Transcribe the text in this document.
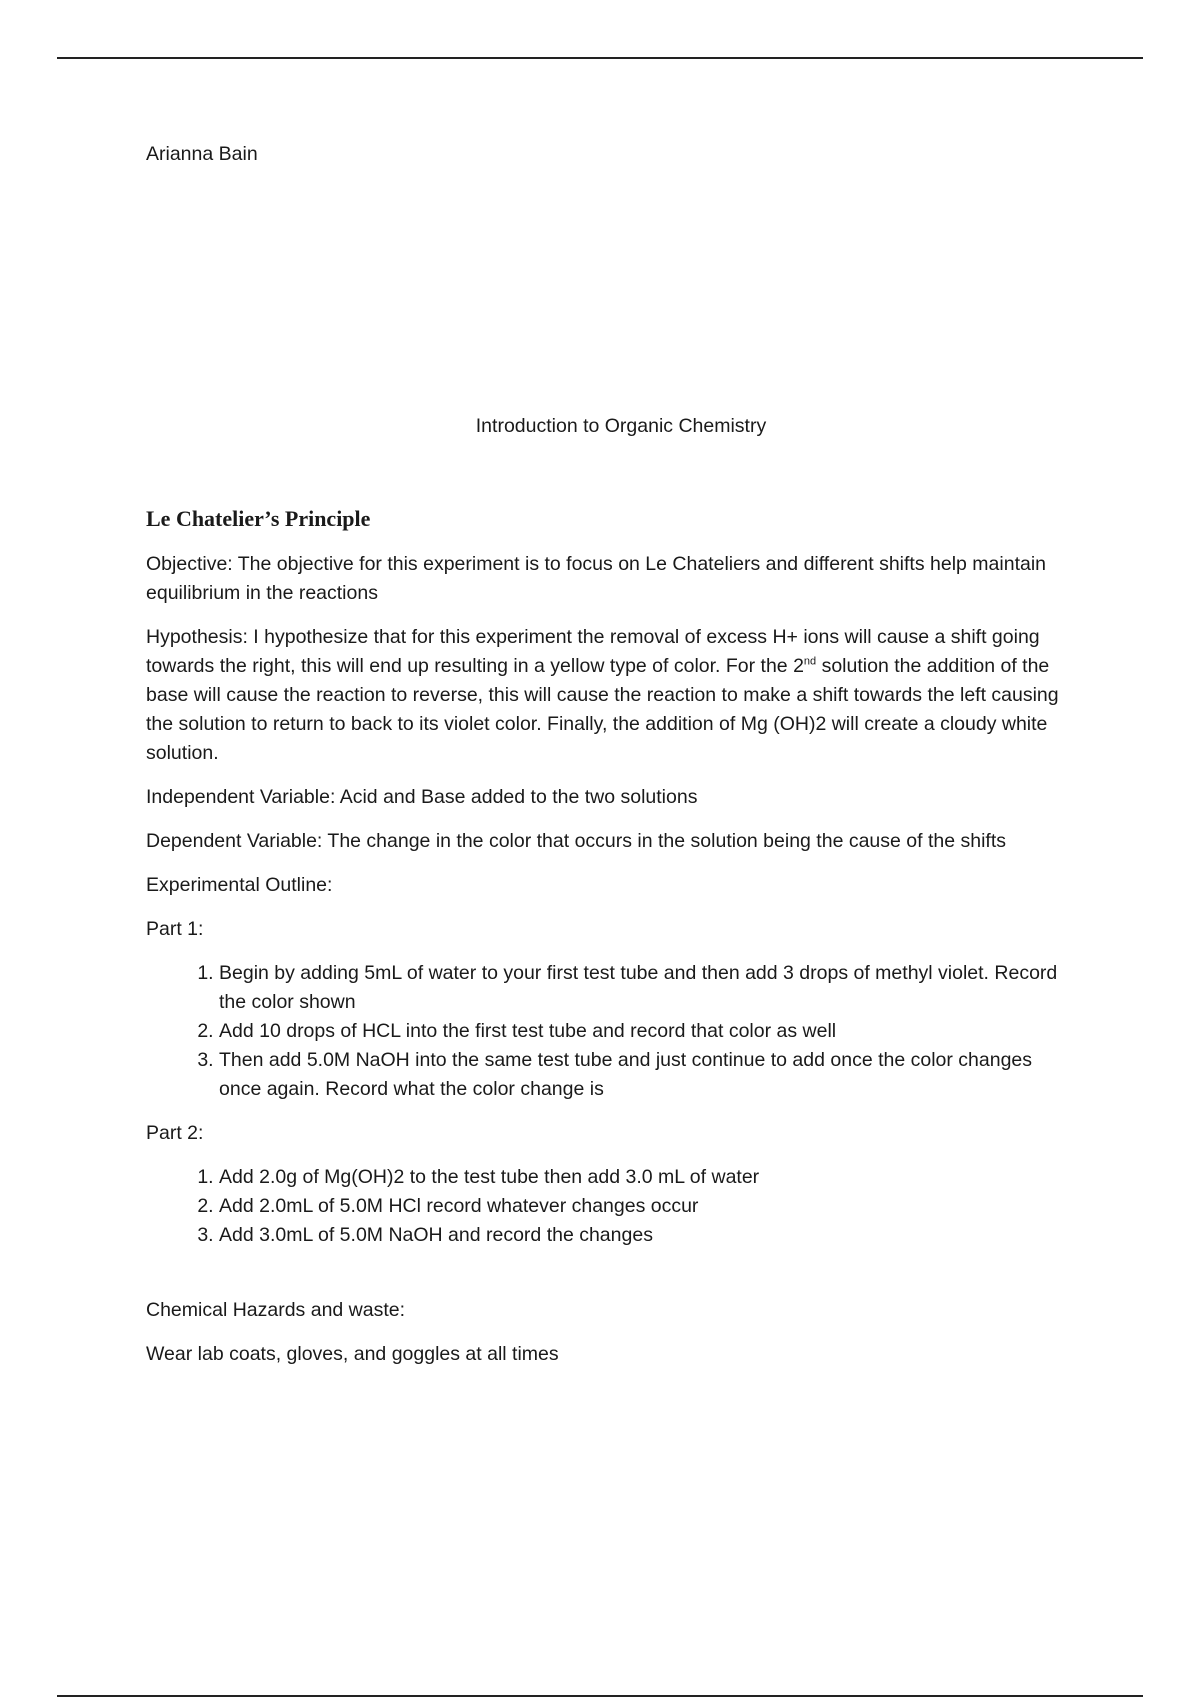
Arianna Bain

Introduction to Organic Chemistry

Le Chatelier’s Principle

Objective: The objective for this experiment is to focus on Le Chateliers and different shifts help maintain equilibrium in the reactions

Hypothesis: I hypothesize that for this experiment the removal of excess H+ ions will cause a shift going towards the right, this will end up resulting in a yellow type of color. For the 2nd solution the addition of the base will cause the reaction to reverse, this will cause the reaction to make a shift towards the left causing the solution to return to back to its violet color. Finally, the addition of Mg (OH)2 will create a cloudy white solution.

Independent Variable: Acid and Base added to the two solutions

Dependent Variable: The change in the color that occurs in the solution being the cause of the shifts

Experimental Outline:

Part 1:

1. Begin by adding 5mL of water to your first test tube and then add 3 drops of methyl violet. Record the color shown
2. Add 10 drops of HCL into the first test tube and record that color as well
3. Then add 5.0M NaOH into the same test tube and just continue to add once the color changes once again. Record what the color change is

Part 2:

1. Add 2.0g of Mg(OH)2 to the test tube then add 3.0 mL of water
2. Add 2.0mL of 5.0M HCl record whatever changes occur
3. Add 3.0mL of 5.0M NaOH and record the changes

Chemical Hazards and waste:

Wear lab coats, gloves, and goggles at all times
